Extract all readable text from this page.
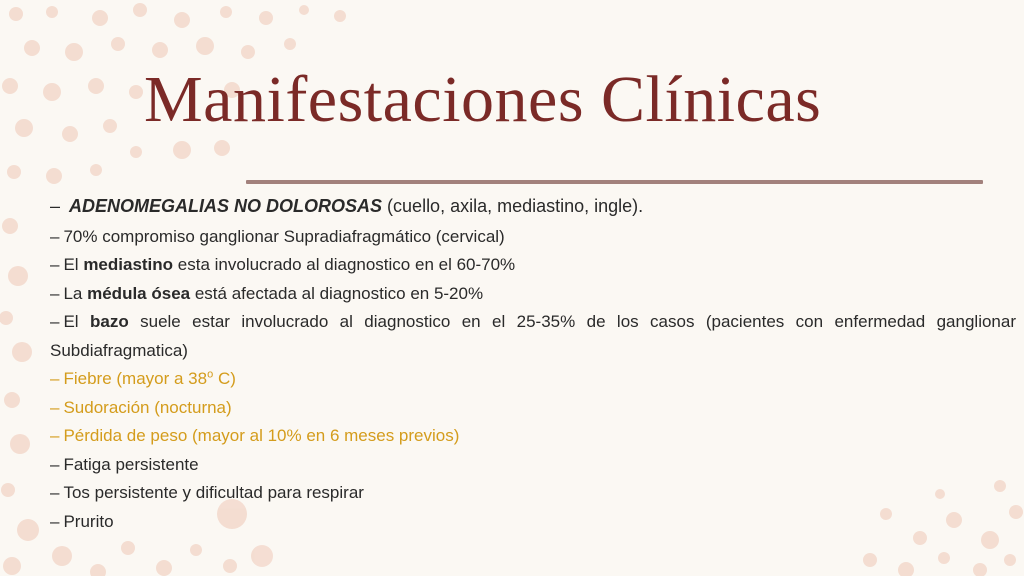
Manifestaciones Clínicas
– ADENOMEGALIAS NO DOLOROSAS (cuello, axila, mediastino, ingle).
– 70% compromiso ganglionar Supradiafragmático (cervical)
– El mediastino esta involucrado al diagnostico en el 60-70%
– La médula ósea está afectada al diagnostico en 5-20%
– El bazo suele estar involucrado al diagnostico en el 25-35% de los casos (pacientes con enfermedad ganglionar Subdiafragmatica)
– Fiebre (mayor a 38$^o$ C)
– Sudoración (nocturna)
– Pérdida de peso (mayor al 10% en 6 meses previos)
– Fatiga persistente
– Tos persistente y dificultad para respirar
– Prurito
